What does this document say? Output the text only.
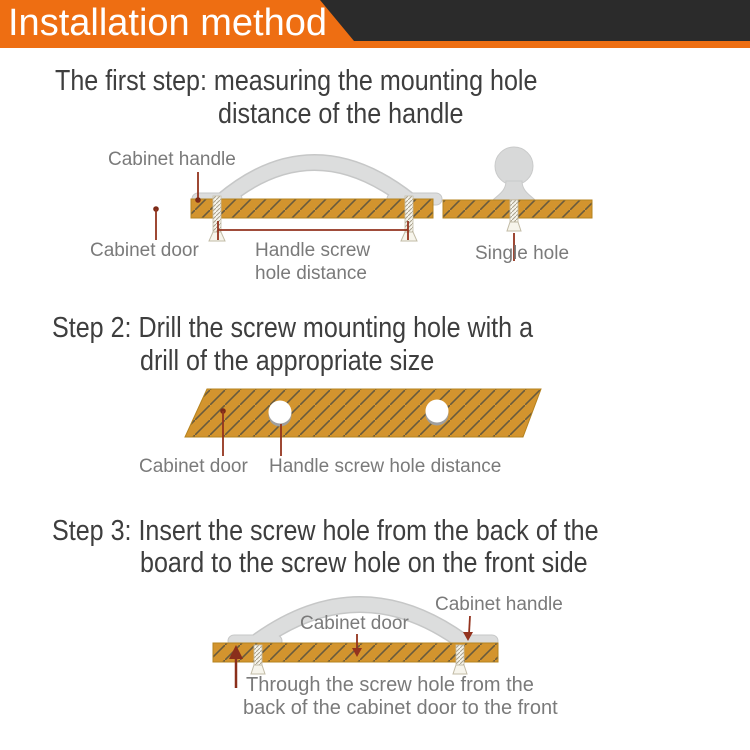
Installation method
The first step: measuring the mounting hole
distance of the handle
Cabinet handle
Cabinet door	Handle screw
hole distance
Single hole
Step 2: Drill the screw mounting hole with a
drill of the appropriate size
Cabinet door Handle screw hole distance
Step 3: Insert the screw hole from the back of the
board to the screw hole on the front side
Cabinet door
Cabinet handle
Through the screw hole from the
back of the cabinet door to the front
